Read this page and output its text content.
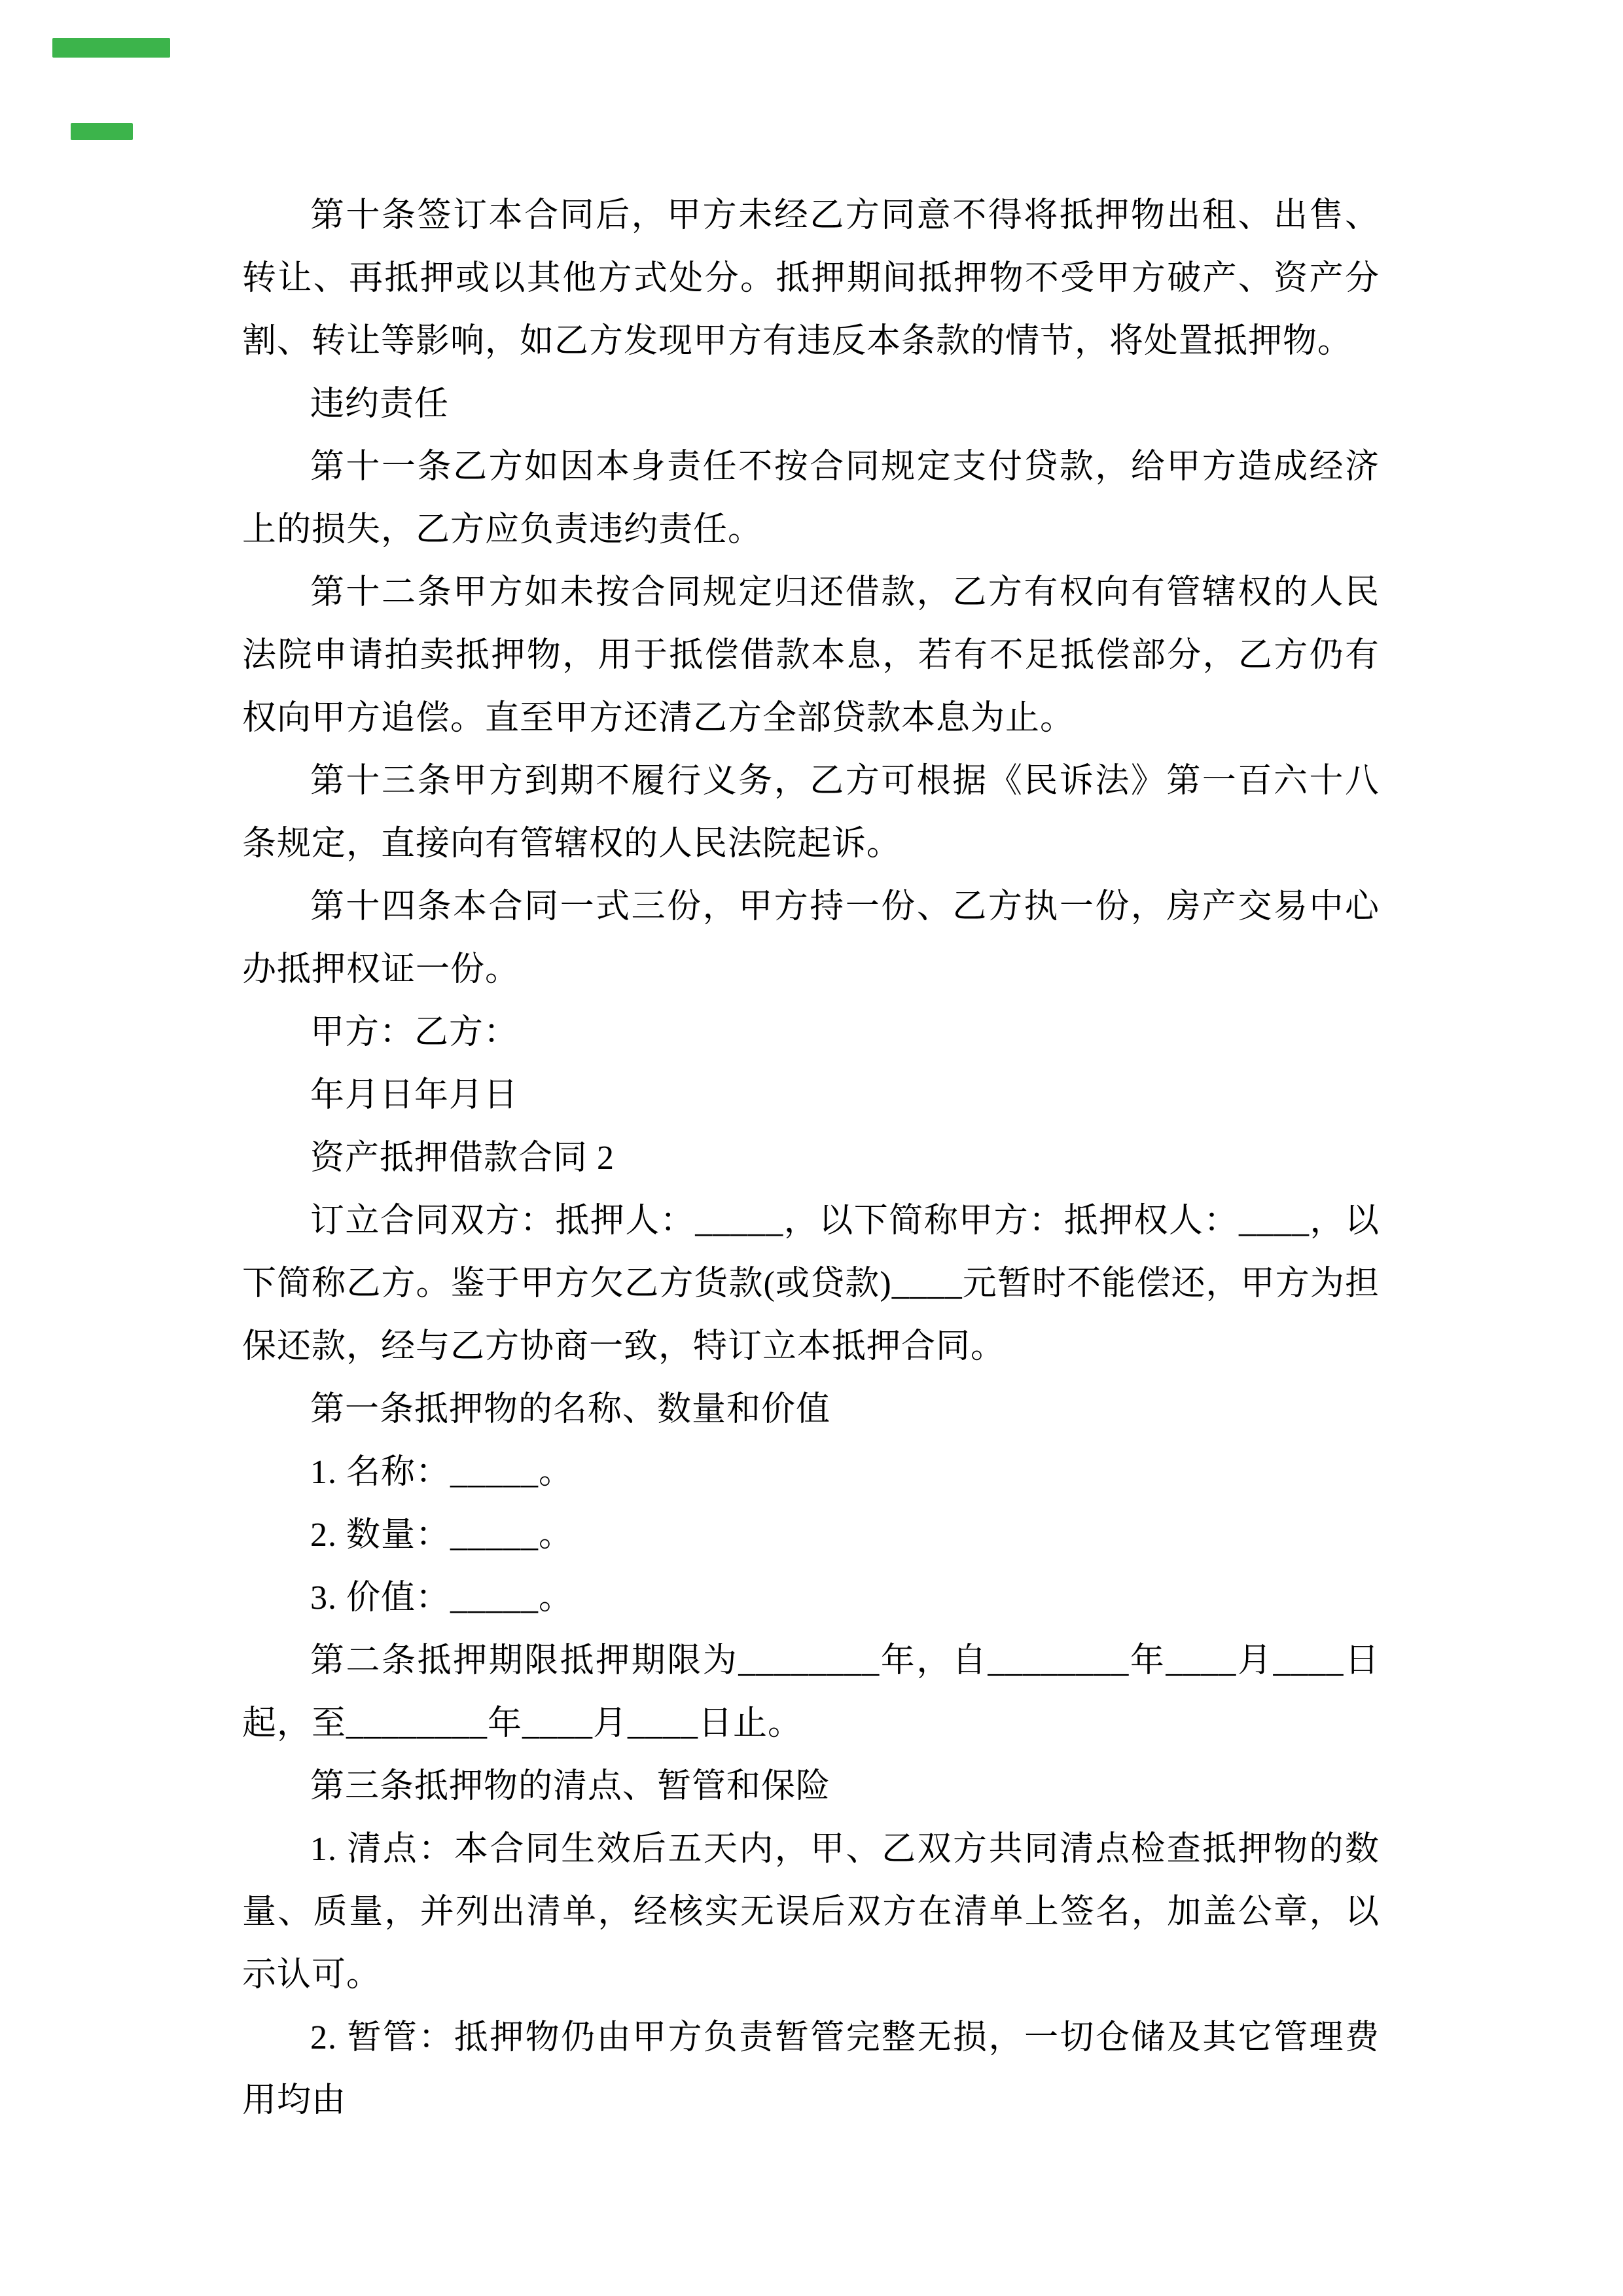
第十条签订本合同后，甲方未经乙方同意不得将抵押物出租、出售、转让、再抵押或以其他方式处分。抵押期间抵押物不受甲方破产、资产分割、转让等影响，如乙方发现甲方有违反本条款的情节，将处置抵押物。

违约责任

第十一条乙方如因本身责任不按合同规定支付贷款，给甲方造成经济上的损失，乙方应负责违约责任。

第十二条甲方如未按合同规定归还借款，乙方有权向有管辖权的人民法院申请拍卖抵押物，用于抵偿借款本息，若有不足抵偿部分，乙方仍有权向甲方追偿。直至甲方还清乙方全部贷款本息为止。

第十三条甲方到期不履行义务，乙方可根据《民诉法》第一百六十八条规定，直接向有管辖权的人民法院起诉。

第十四条本合同一式三份，甲方持一份、乙方执一份，房产交易中心办抵押权证一份。

甲方：乙方：

年月日年月日

资产抵押借款合同 2

订立合同双方：抵押人：_____，以下简称甲方：抵押权人：____，以下简称乙方。鉴于甲方欠乙方货款(或贷款)____元暂时不能偿还，甲方为担保还款，经与乙方协商一致，特订立本抵押合同。

第一条抵押物的名称、数量和价值

1. 名称：_____。

2. 数量：_____。

3. 价值：_____。

第二条抵押期限抵押期限为________年，自________年____月____日起，至________年____月____日止。

第三条抵押物的清点、暂管和保险

1. 清点：本合同生效后五天内，甲、乙双方共同清点检查抵押物的数量、质量，并列出清单，经核实无误后双方在清单上签名，加盖公章，以示认可。

2. 暂管：抵押物仍由甲方负责暂管完整无损，一切仓储及其它管理费用均由
